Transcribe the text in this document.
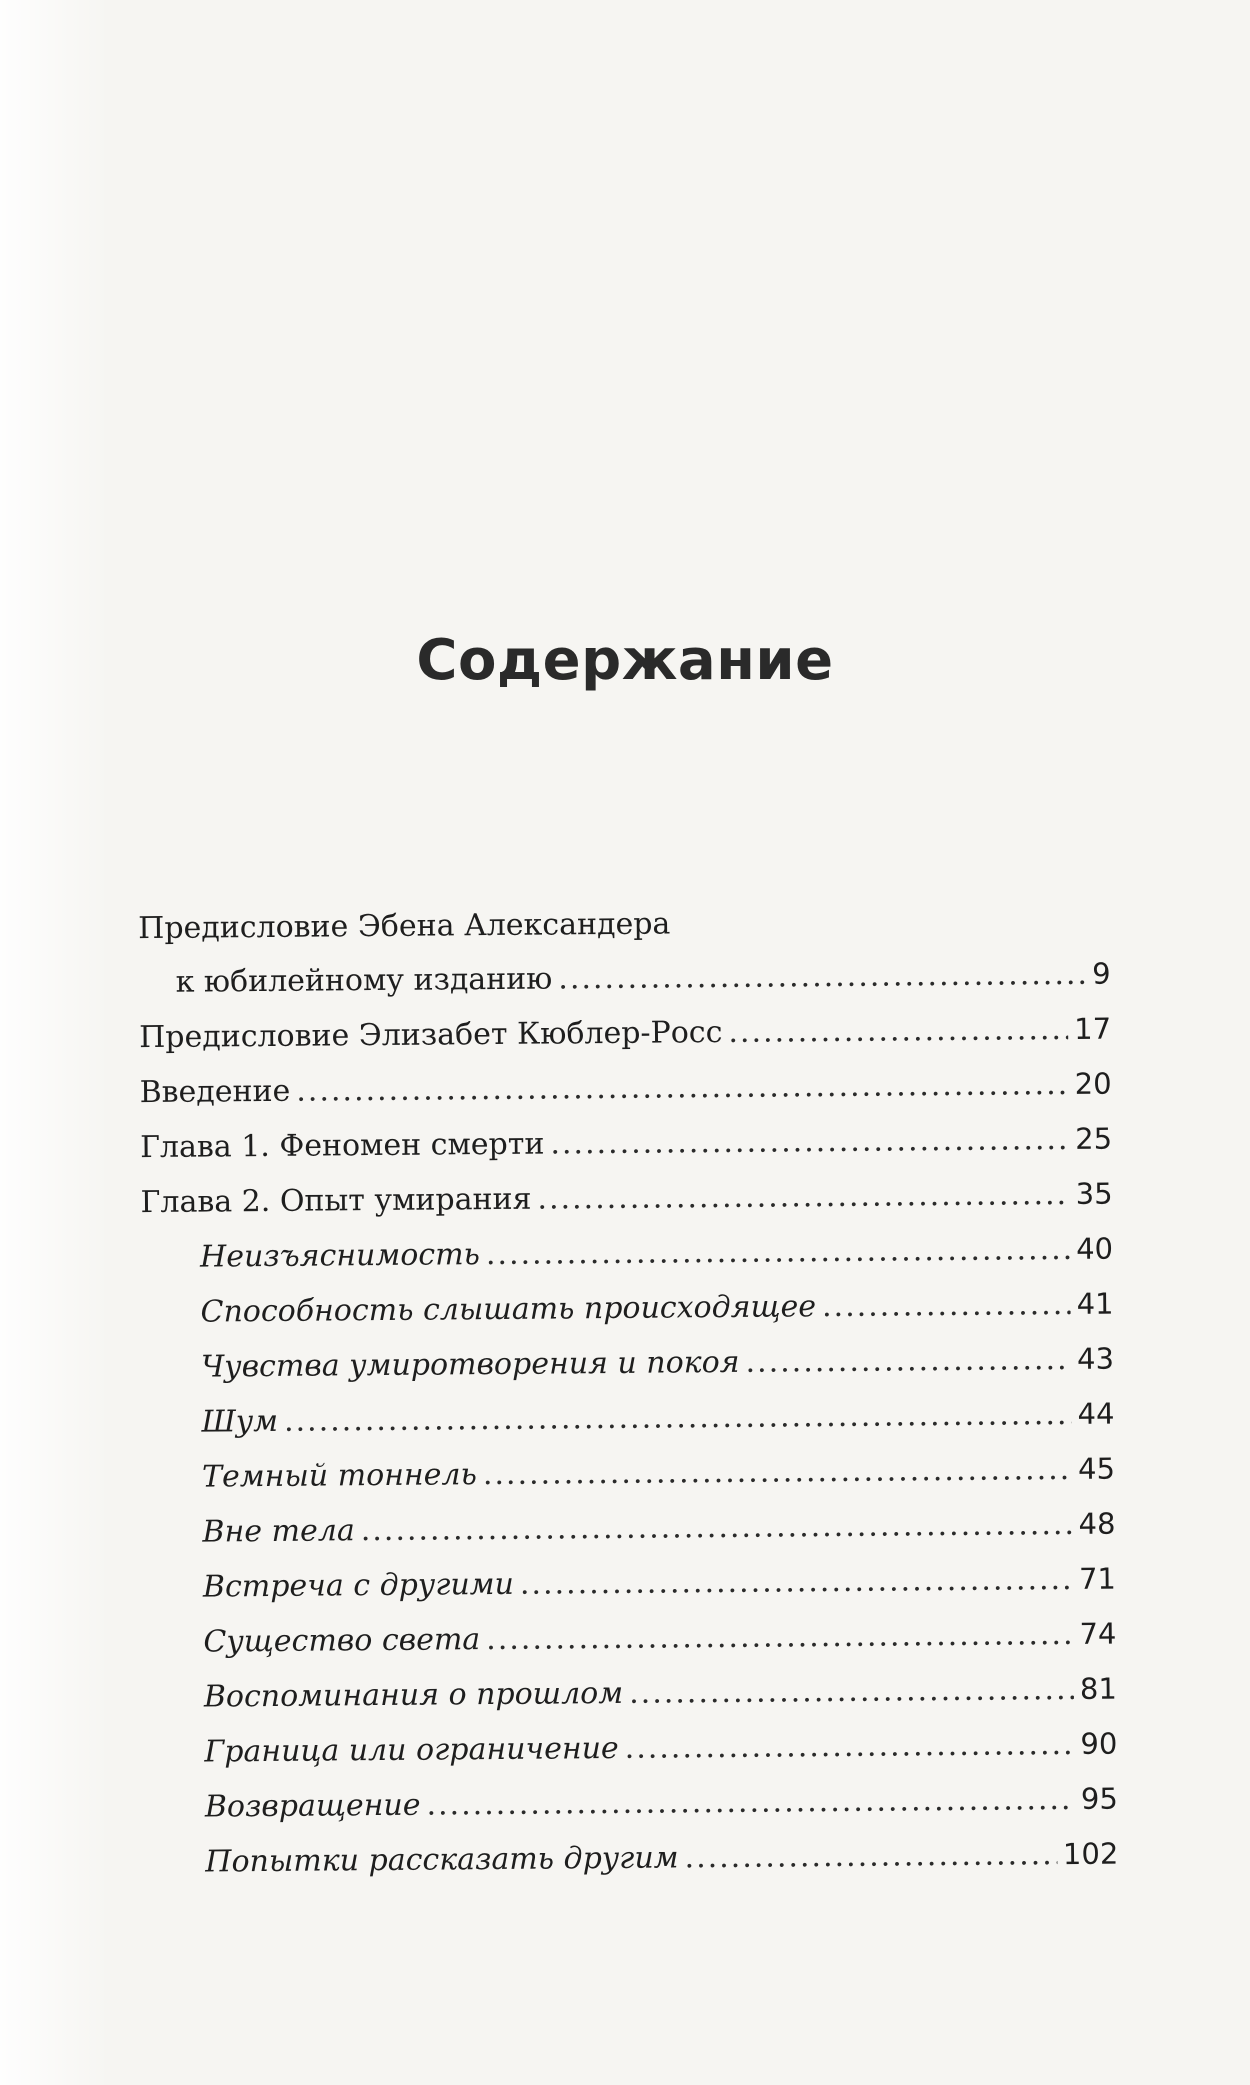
Содержание
Предисловие Эбена Александера
к юбилейному изданию .....	9
Предисловие Элизабет Кюблер-Росс .....	17
Введение .....	20
Глава 1. Феномен смерти .....	25
Глава 2. Опыт умирания .....	35
Неизъяснимость .....	40
Способность слышать происходящее .....	41
Чувства умиротворения и покоя .....	43
Шум .....	44
Темный тоннель .....	45
Вне тела .....	48
Встреча с другими .....	71
Существо света .....	74
Воспоминания о прошлом .....	81
Граница или ограничение .....	90
Возвращение .....	95
Попытки рассказать другим .....	102
